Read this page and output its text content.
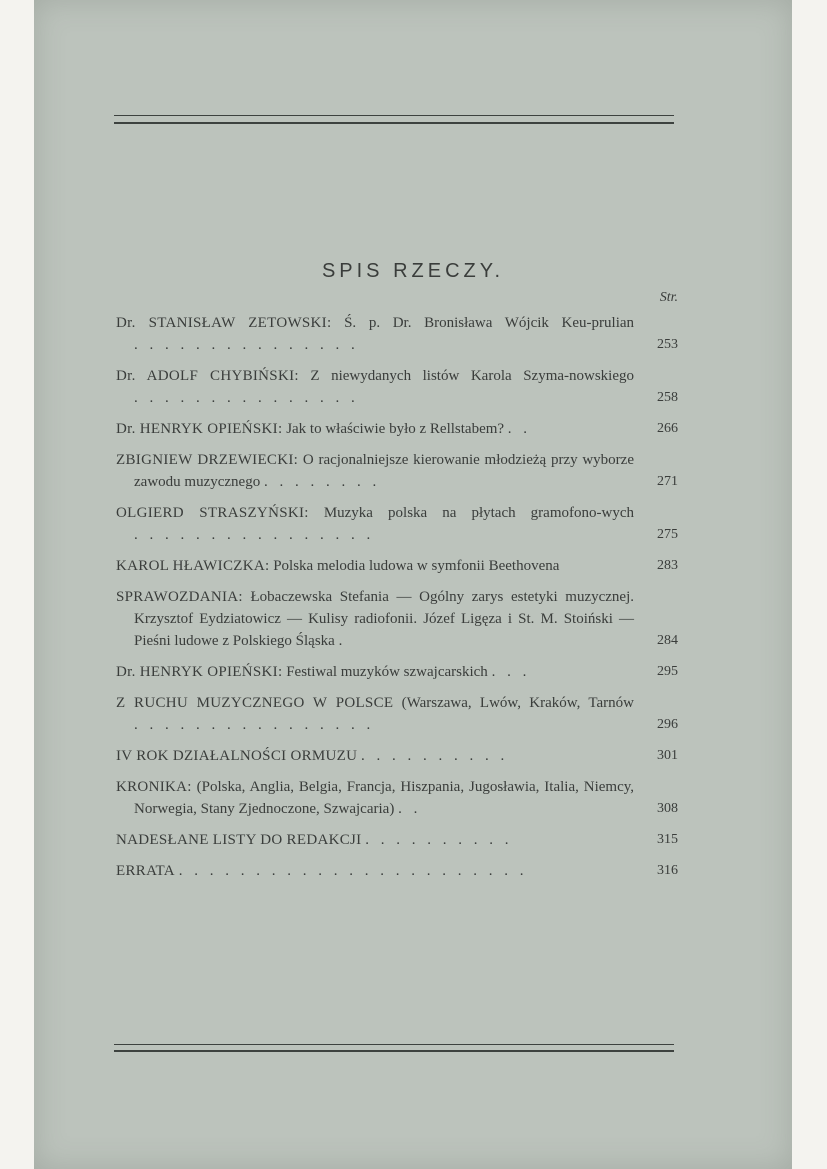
SPIS RZECZY.
Str.
Dr. STANISŁAW ZETOWSKI: Ś. p. Dr. Bronisława Wójcik Keu-prulian . . . . . . . . . . . . . . .	253
Dr. ADOLF CHYBIŃSKI: Z niewydanych listów Karola Szyma-nowskiego . . . . . . . . . . . . . . .	258
Dr. HENRYK OPIEŃSKI: Jak to właściwie było z Rellstabem? . .	266
ZBIGNIEW DRZEWIECKI: O racjonalniejsze kierowanie młodzieżą przy wyborze zawodu muzycznego . . . . . . . .	271
OLGIERD STRASZYŃSKI: Muzyka polska na płytach gramofono-wych . . . . . . . . . . . . . . . .	275
KAROL HŁAWICZKA: Polska melodia ludowa w symfonii Beethovena	283
SPRAWOZDANIA: Łobaczewska Stefania — Ogólny zarys estetyki muzycznej. Krzysztof Eydziatowicz — Kulisy radiofonii. Józef Ligęza i St. M. Stoiński — Pieśni ludowe z Polskiego Śląska .	284
Dr. HENRYK OPIEŃSKI: Festiwal muzyków szwajcarskich . . .	295
Z RUCHU MUZYCZNEGO W POLSCE (Warszawa, Lwów, Kraków, Tarnów . . . . . . . . . . . . . . . .	296
IV ROK DZIAŁALNOŚCI ORMUZU . . . . . . . . . .	301
KRONIKA: (Polska, Anglia, Belgia, Francja, Hiszpania, Jugosławia, Italia, Niemcy, Norwegia, Stany Zjednoczone, Szwajcaria) . .	308
NADESŁANE LISTY DO REDAKCJI . . . . . . . . . .	315
ERRATA . . . . . . . . . . . . . . . . . . . . . . .	316
